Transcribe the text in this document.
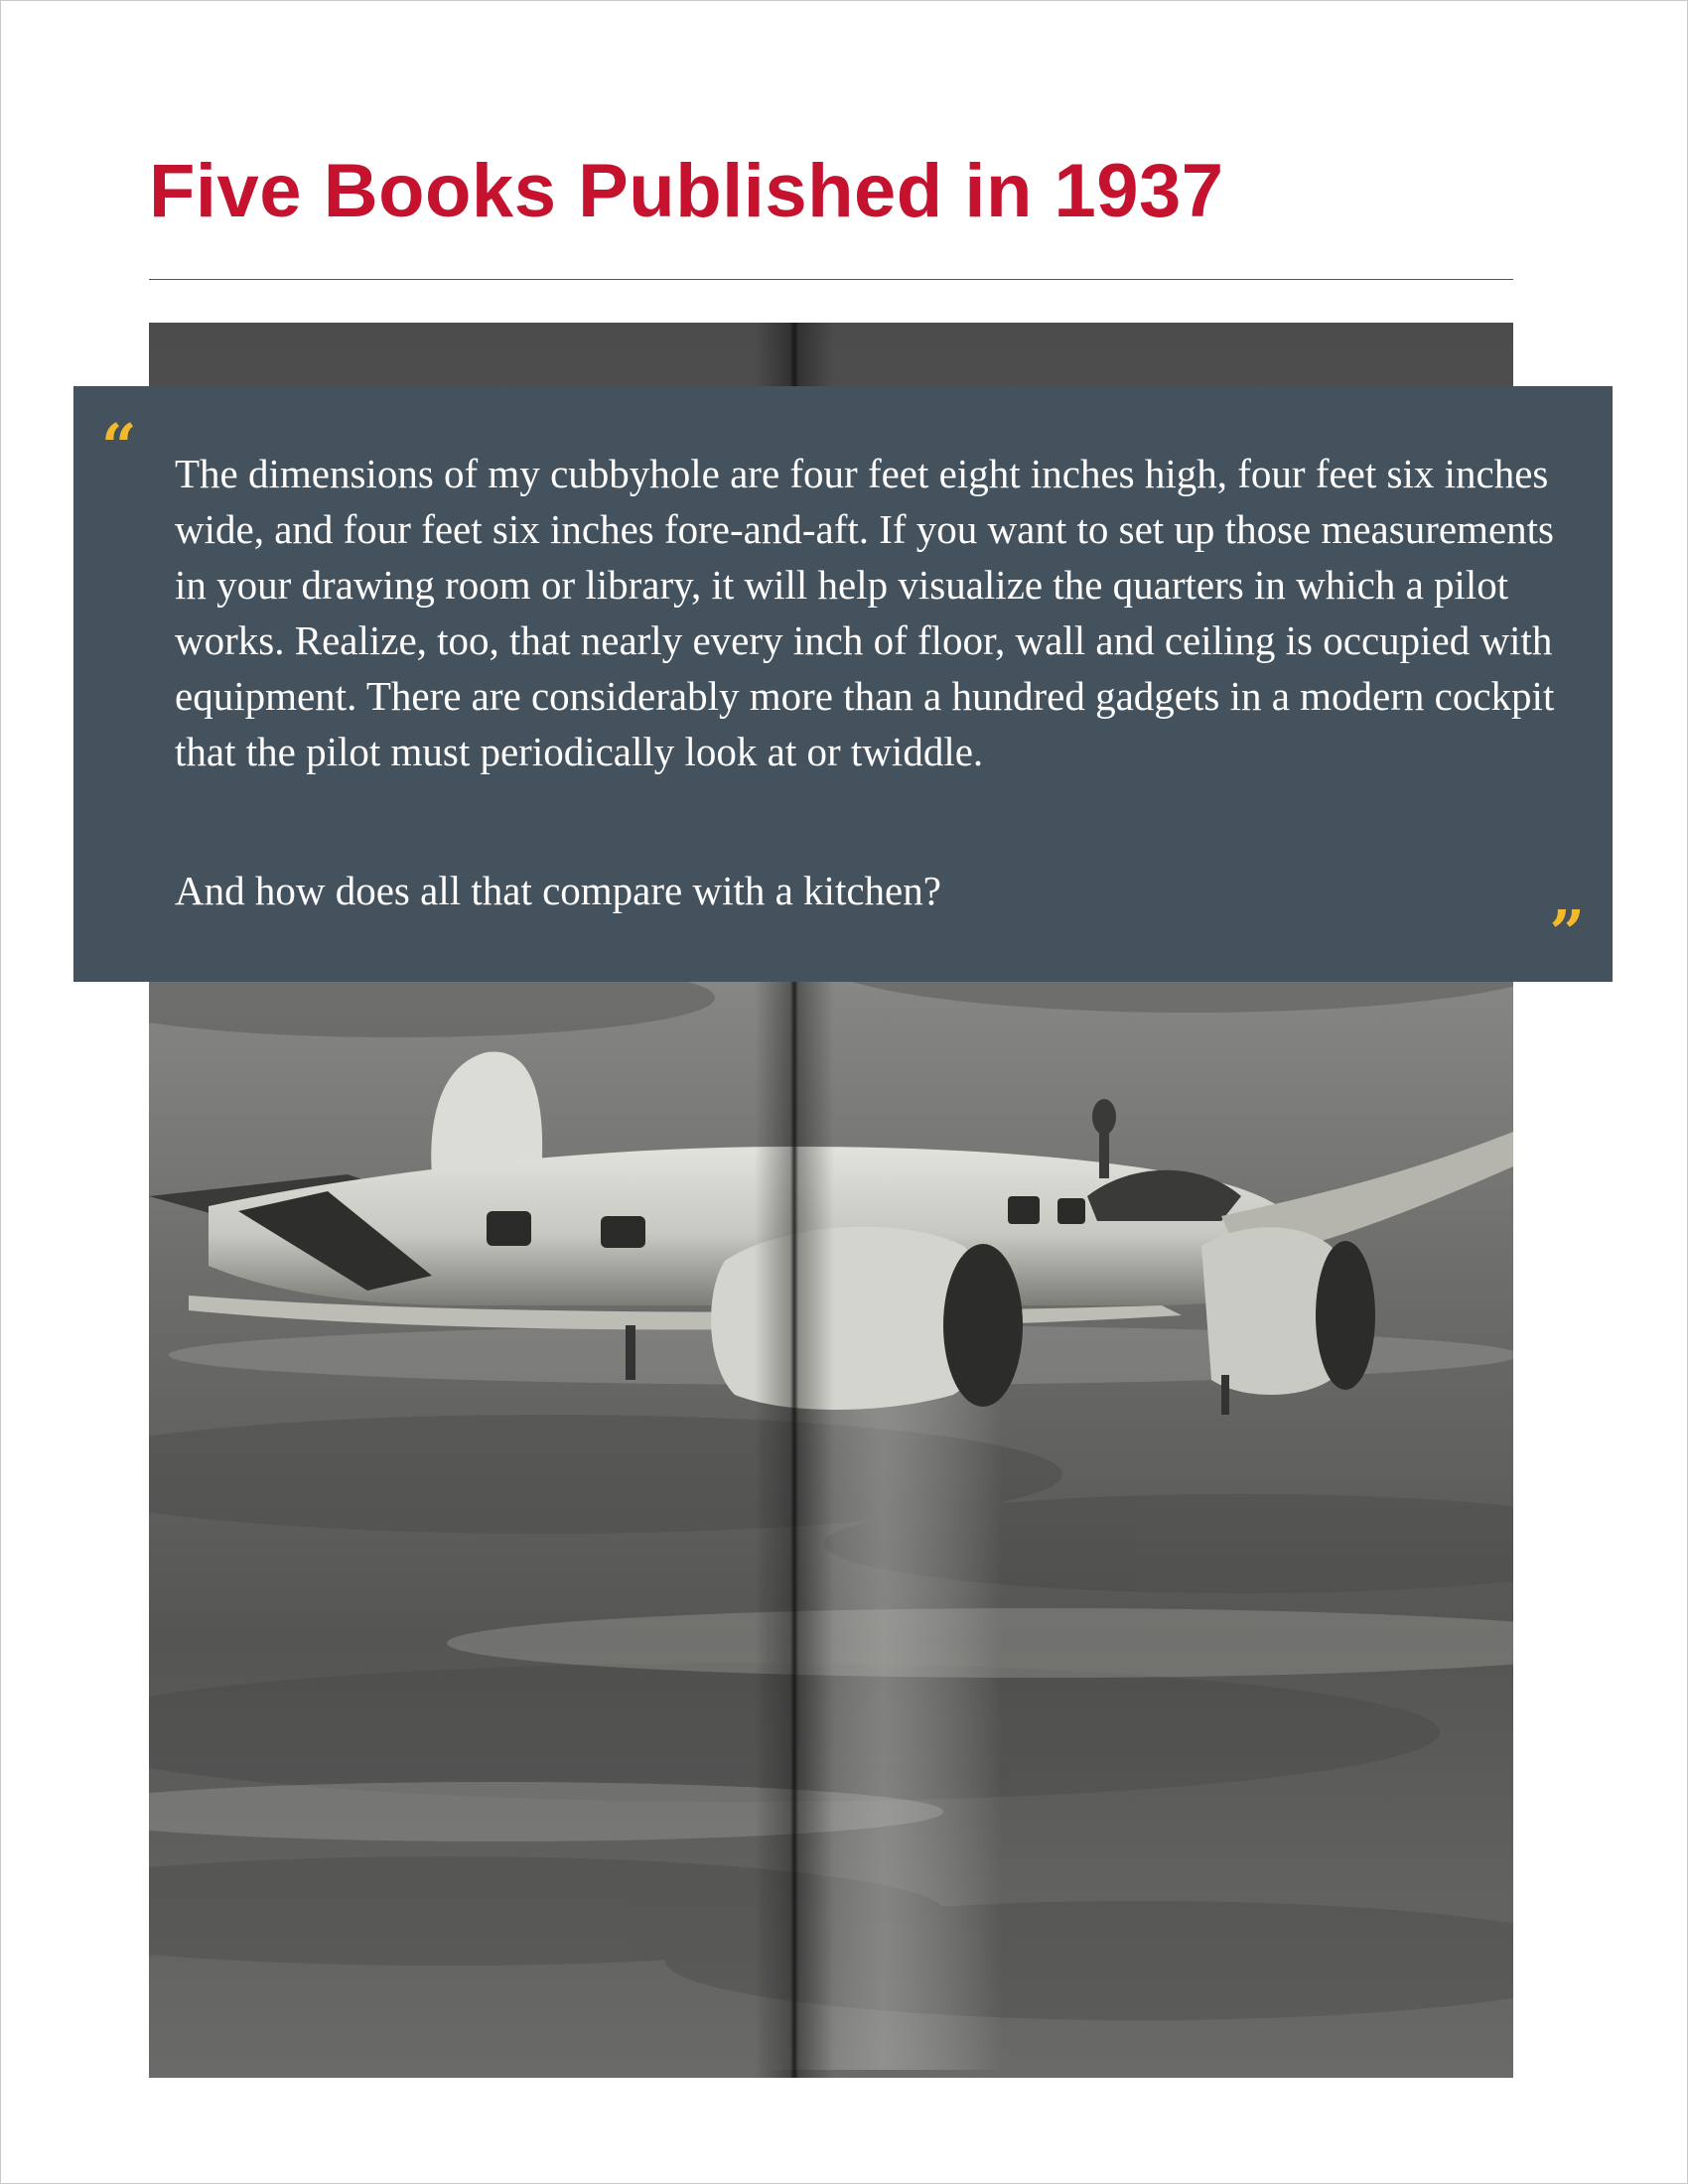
Five Books Published in 1937
“ The dimensions of my cubbyhole are four feet eight inches high, four feet six inches wide, and four feet six inches fore-and-aft. If you want to set up those measurements in your drawing room or library, it will help visualize the quarters in which a pilot works. Realize, too, that nearly every inch of floor, wall and ceiling is occupied with equipment. There are considerably more than a hundred gadgets in a modern cockpit that the pilot must periodically look at or twiddle.

And how does all that compare with a kitchen?

”
